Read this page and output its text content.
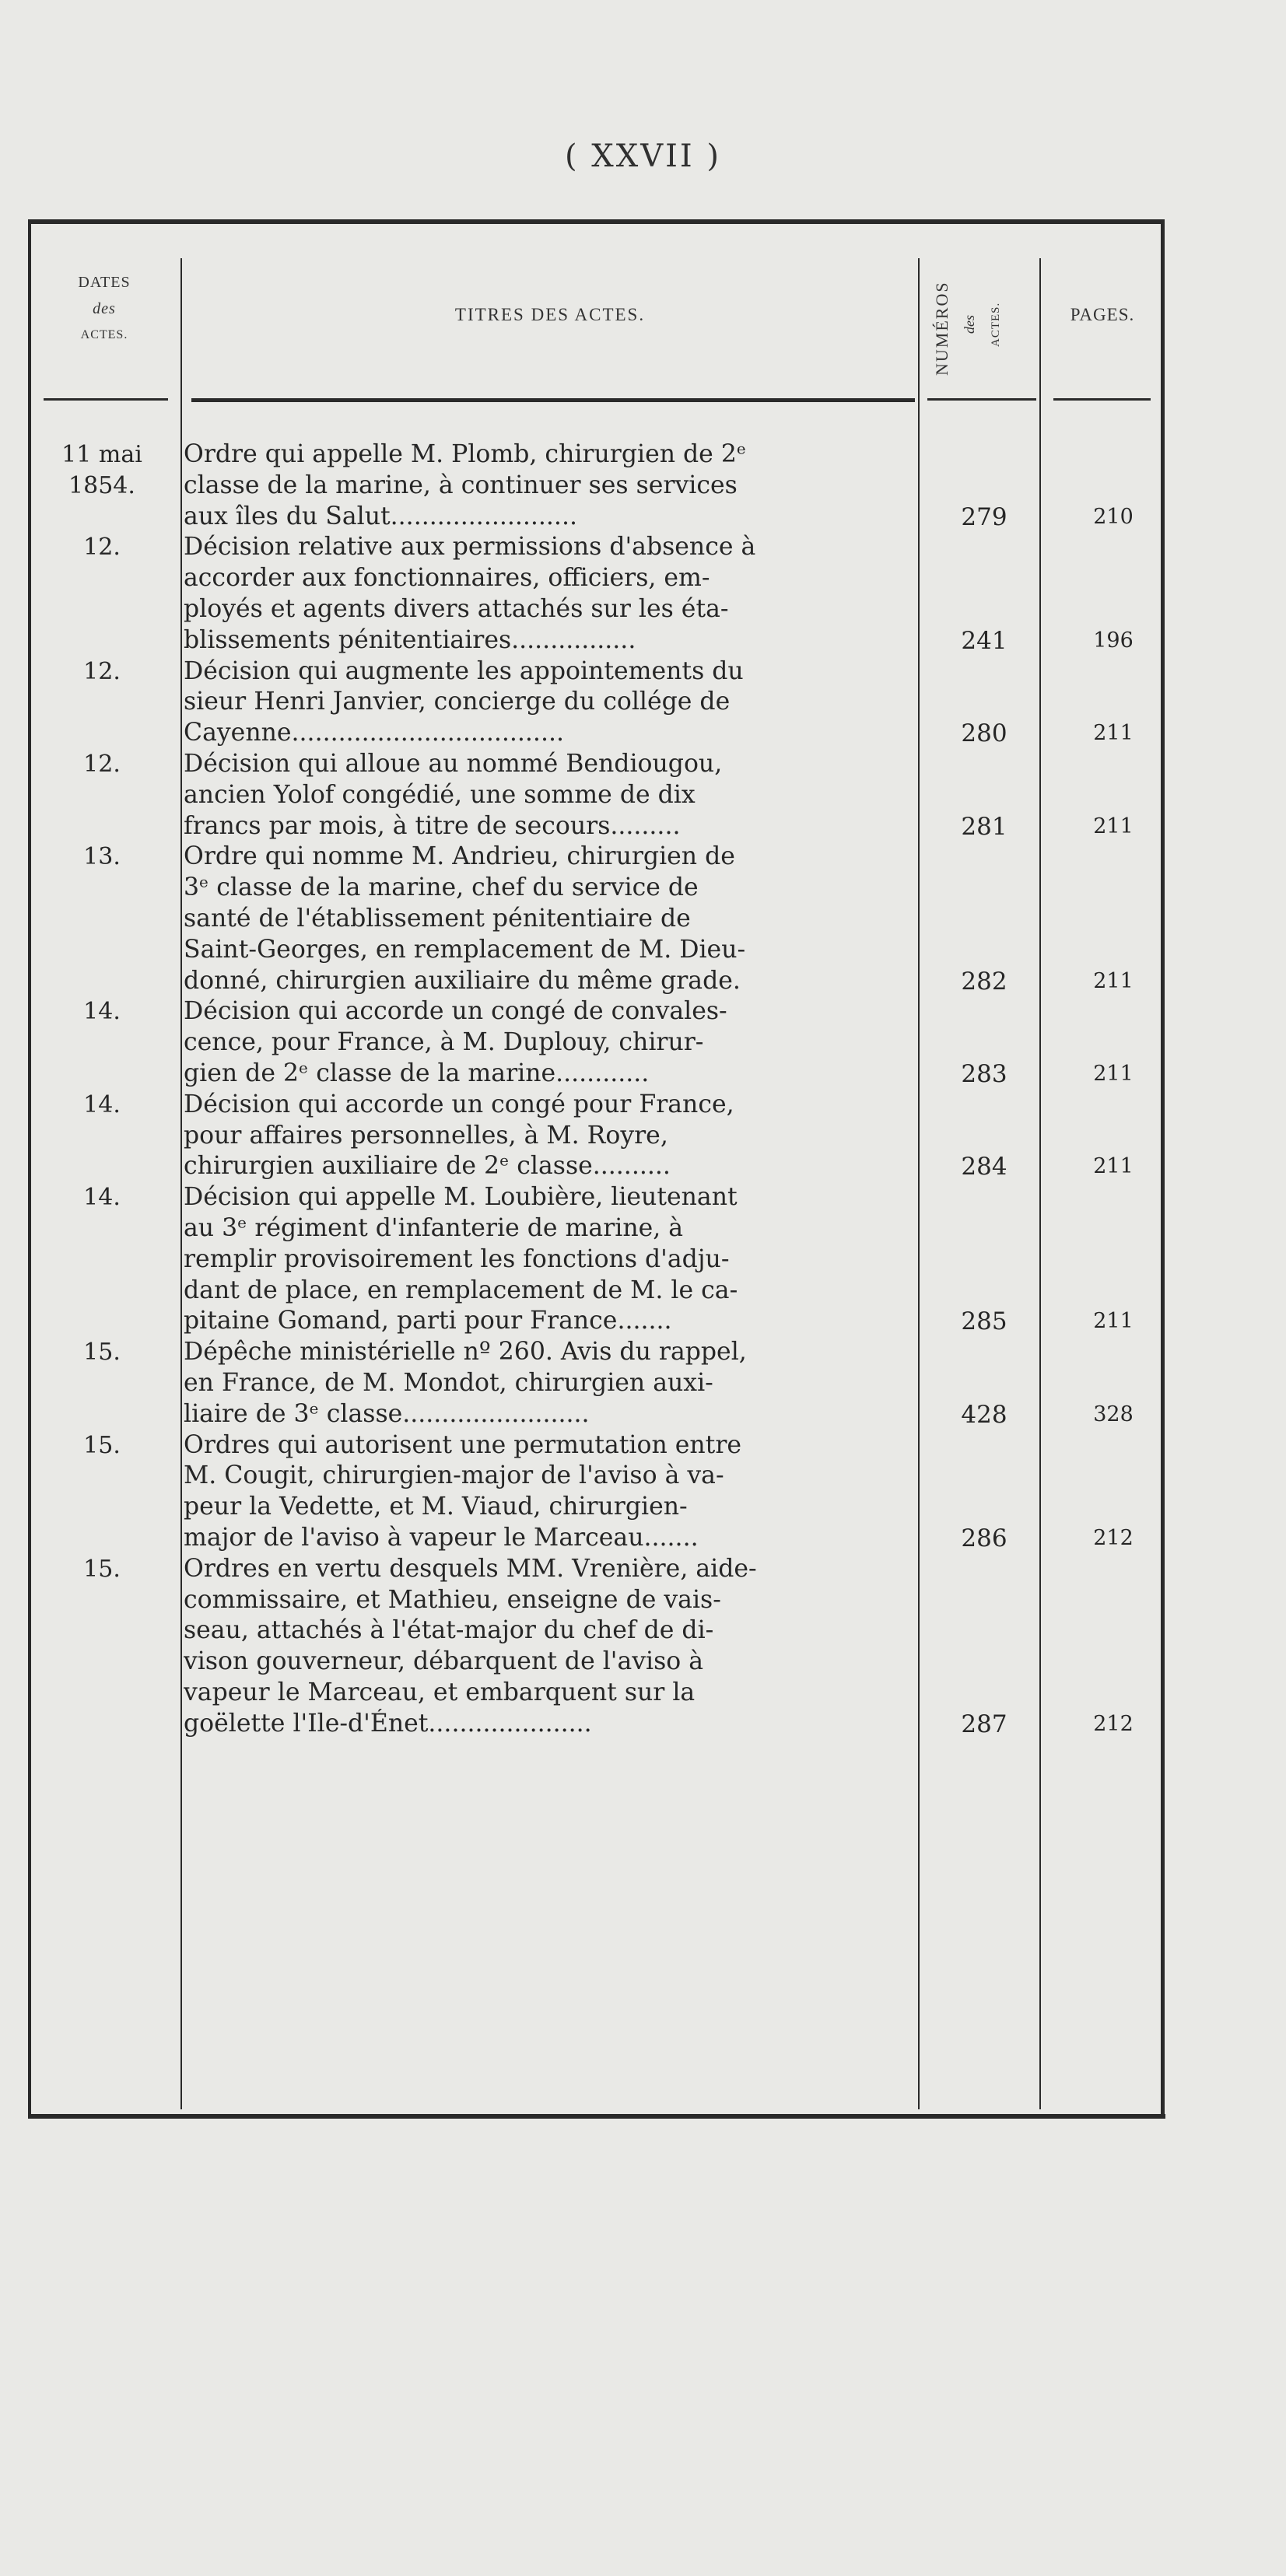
( XXVII )
DATES
des
ACTES.
TITRES DES ACTES.	NUMÉROS des ACTES.	PAGES.
11 mai
1854.
Ordre qui appelle M. Plomb, chirurgien de 2ᵉ
classe de la marine, à continuer ses services
aux îles du Salut........................	279	210
12.	Décision relative aux permissions d'absence à
accorder aux fonctionnaires, officiers, em-
ployés et agents divers attachés sur les éta-
blissements pénitentiaires................	241	196
12.	Décision qui augmente les appointements du
sieur Henri Janvier, concierge du collége de
Cayenne...................................	280	211
12.	Décision qui alloue au nommé Bendiougou,
ancien Yolof congédié, une somme de dix
francs par mois, à titre de secours.........	281	211
13.	Ordre qui nomme M. Andrieu, chirurgien de
3ᵉ classe de la marine, chef du service de
santé de l'établissement pénitentiaire de
Saint-Georges, en remplacement de M. Dieu-
donné, chirurgien auxiliaire du même grade.	282	211
14.	Décision qui accorde un congé de convales-
cence, pour France, à M. Duplouy, chirur-
gien de 2ᵉ classe de la marine............	283	211
14.	Décision qui accorde un congé pour France,
pour affaires personnelles, à M. Royre,
chirurgien auxiliaire de 2ᵉ classe..........	284	211
14.	Décision qui appelle M. Loubière, lieutenant
au 3ᵉ régiment d'infanterie de marine, à
remplir provisoirement les fonctions d'adju-
dant de place, en remplacement de M. le ca-
pitaine Gomand, parti pour France.......	285	211
15.	Dépêche ministérielle nº 260. Avis du rappel,
en France, de M. Mondot, chirurgien auxi-
liaire de 3ᵉ classe........................	428	328
15.	Ordres qui autorisent une permutation entre
M. Cougit, chirurgien-major de l'aviso à va-
peur la Vedette, et M. Viaud, chirurgien-
major de l'aviso à vapeur le Marceau.......	286	212
15.	Ordres en vertu desquels MM. Vrenière, aide-
commissaire, et Mathieu, enseigne de vais-
seau, attachés à l'état-major du chef de di-
vison gouverneur, débarquent de l'aviso à
vapeur le Marceau, et embarquent sur la
goëlette l'Ile-d'Énet.....................	287	212
